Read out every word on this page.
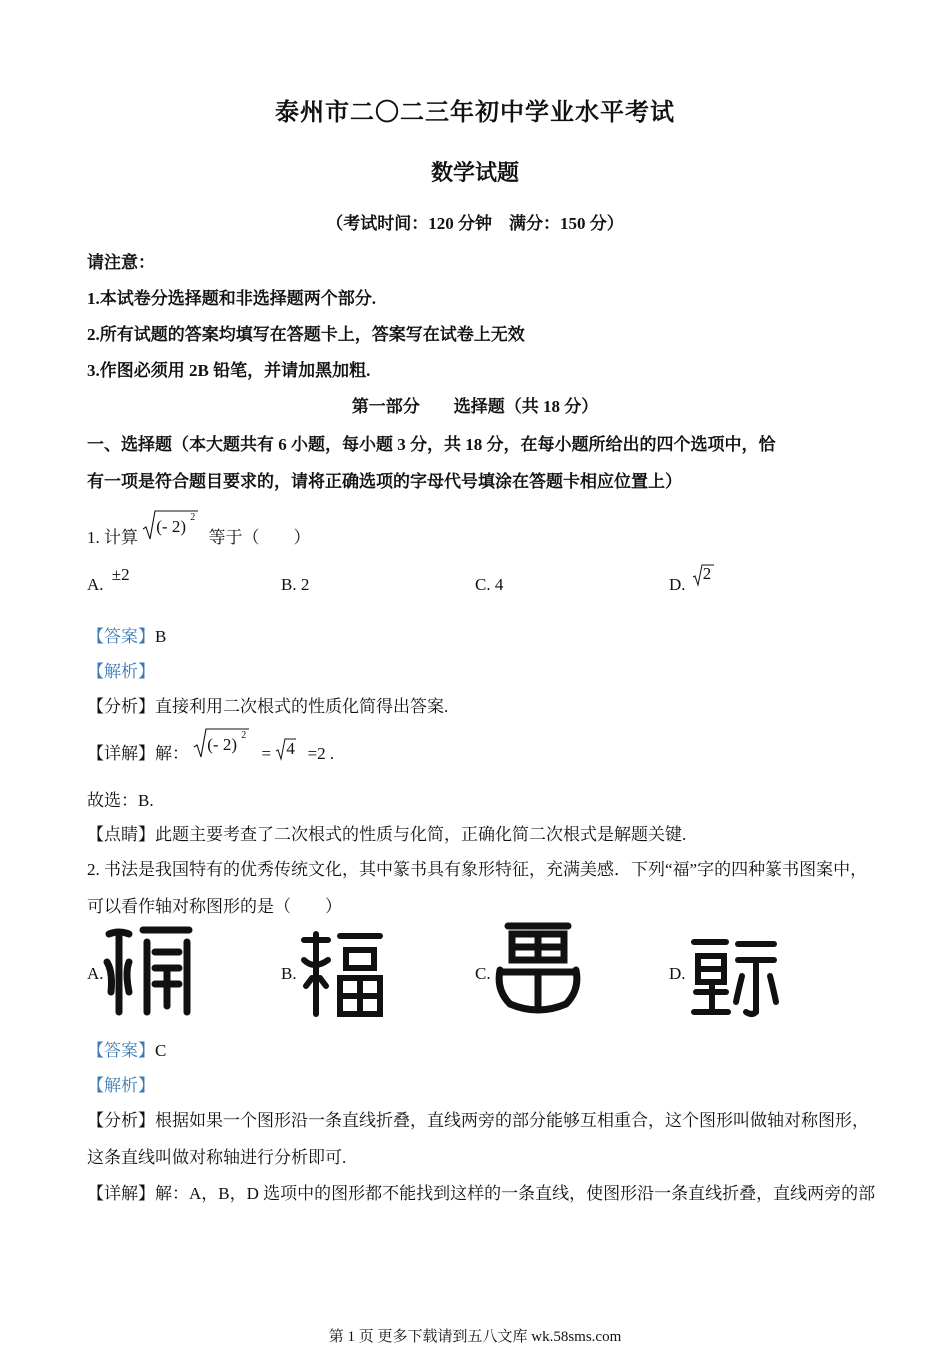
泰州市二〇二三年初中学业水平考试
数学试题
（考试时间：120 分钟　满分：150 分）
请注意：
1.本试卷分选择题和非选择题两个部分.
2.所有试题的答案均填写在答题卡上，答案写在试卷上无效
3.作图必须用 2B 铅笔，并请加黑加粗.
第一部分　　选择题（共 18 分）
一、选择题（本大题共有 6 小题，每小题 3 分，共 18 分，在每小题所给出的四个选项中，恰
有一项是符合题目要求的，请将正确选项的字母代号填涂在答题卡相应位置上）
1. 计算
(- 2) 2
等于（　　）
A. ±2
B. 2	C. 4	D.
2
【答案】B
【解析】
【分析】直接利用二次根式的性质化简得出答案.
【详解】解： (- 2) 2
= 4 =2 .
故选：B.
【点睛】此题主要考查了二次根式的性质与化简，正确化简二次根式是解题关键.
2. 书法是我国特有的优秀传统文化，其中篆书具有象形特征，充满美感．下列“福”字的四种篆书图案中，
可以看作轴对称图形的是（　　）
A.	B.	C.	D.
【答案】C
【解析】
【分析】根据如果一个图形沿一条直线折叠，直线两旁的部分能够互相重合，这个图形叫做轴对称图形，
这条直线叫做对称轴进行分析即可.
【详解】解：A，B，D 选项中的图形都不能找到这样的一条直线，使图形沿一条直线折叠，直线两旁的部
第 1 页 更多下载请到五八文库 wk.58sms.com
